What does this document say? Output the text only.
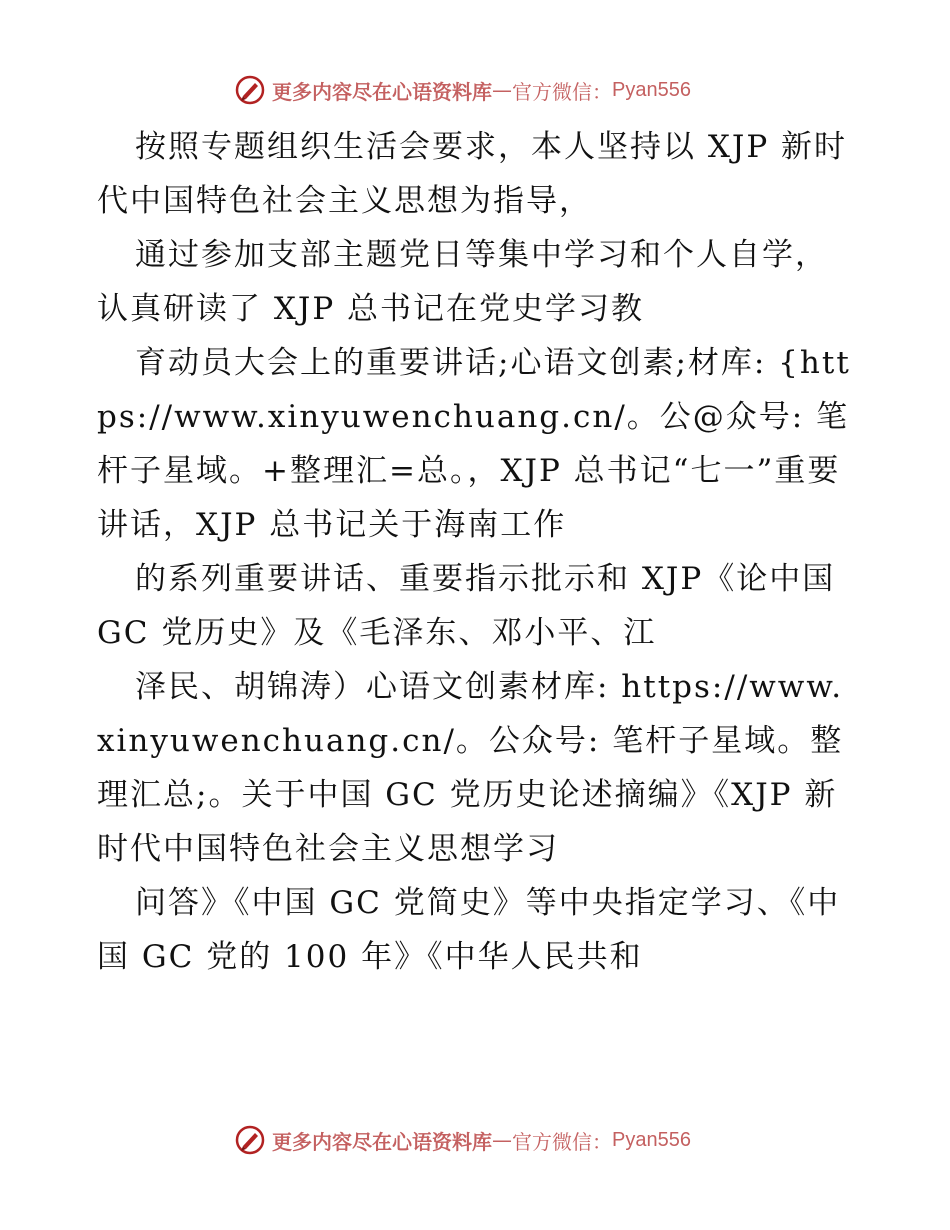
更多内容尽在心语资料库 — 官方微信： Pyan556

按照专题组织生活会要求，本人坚持以 XJP 新时代中国特色社会主义思想为指导，

通过参加支部主题党日等集中学习和个人自学，认真研读了 XJP 总书记在党史学习教

育动员大会上的重要讲话;心语文创素;材库: {https://www.xinyuwenchuang.cn/。公@众号: 笔杆子星域。+整理汇=总。，XJP 总书记“七一”重要讲话，XJP 总书记关于海南工作

的系列重要讲话、重要指示批示和 XJP《论中国 GC 党历史》及《毛泽东、邓小平、江

泽民、胡锦涛）心语文创素材库: https://www.xinyuwenchuang.cn/。公众号: 笔杆子星域。整理汇总;。关于中国 GC 党历史论述摘编》《XJP 新时代中国特色社会主义思想学习

问答》《中国 GC 党简史》等中央指定学习、《中国 GC 党的 100 年》《中华人民共和

更多内容尽在心语资料库 — 官方微信： Pyan556
